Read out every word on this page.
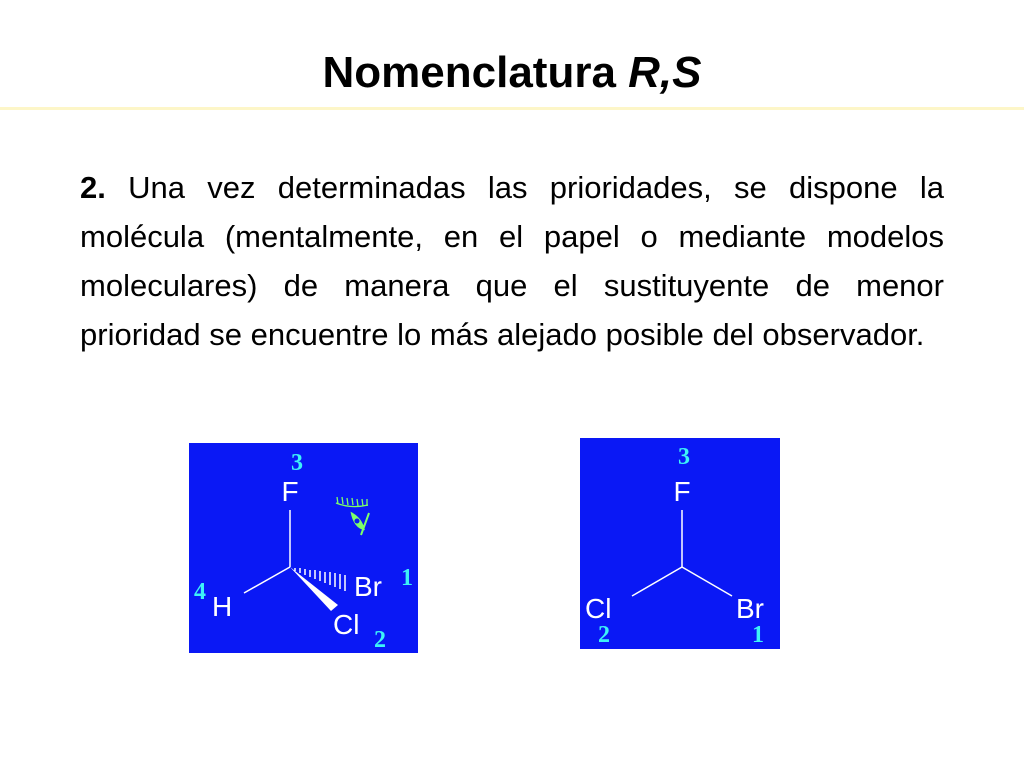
Nomenclatura R,S

2. Una vez determinadas las prioridades, se dispone la molécula (mentalmente, en el papel o mediante modelos moleculares) de manera que el sustituyente de menor prioridad se encuentre lo más alejado posible del observador.

F
H
Br
Cl
3
4
1
2
F
Cl	Br
3
2	1
